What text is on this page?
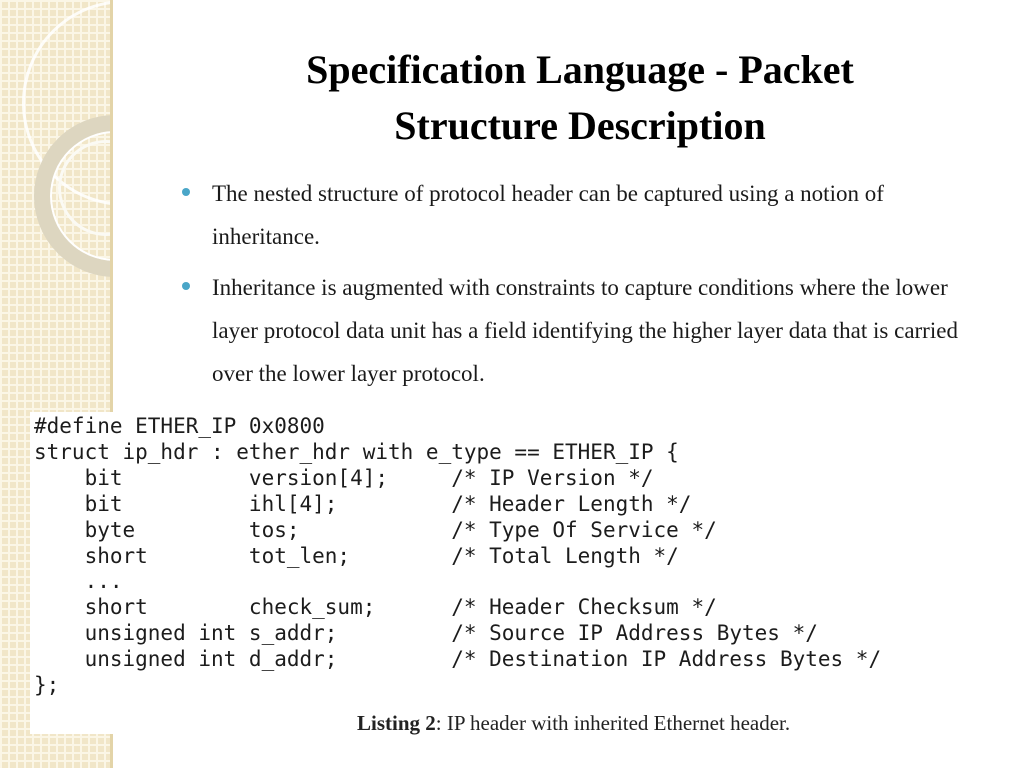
Specification Language - Packet
Structure Description
The nested structure of protocol header can be captured using a notion of inheritance.
Inheritance is augmented with constraints to capture conditions where the lower layer protocol data unit has a field identifying the higher layer data that is carried over the lower layer protocol.
#define ETHER_IP 0x0800
struct ip_hdr : ether_hdr with e_type == ETHER_IP {
bit          version[4];     /* IP Version */
bit          ihl[4];         /* Header Length */
byte         tos;            /* Type Of Service */
short        tot_len;        /* Total Length */
...
short        check_sum;      /* Header Checksum */
unsigned int s_addr;         /* Source IP Address Bytes */
unsigned int d_addr;         /* Destination IP Address Bytes */
};

Listing 2: IP header with inherited Ethernet header.
